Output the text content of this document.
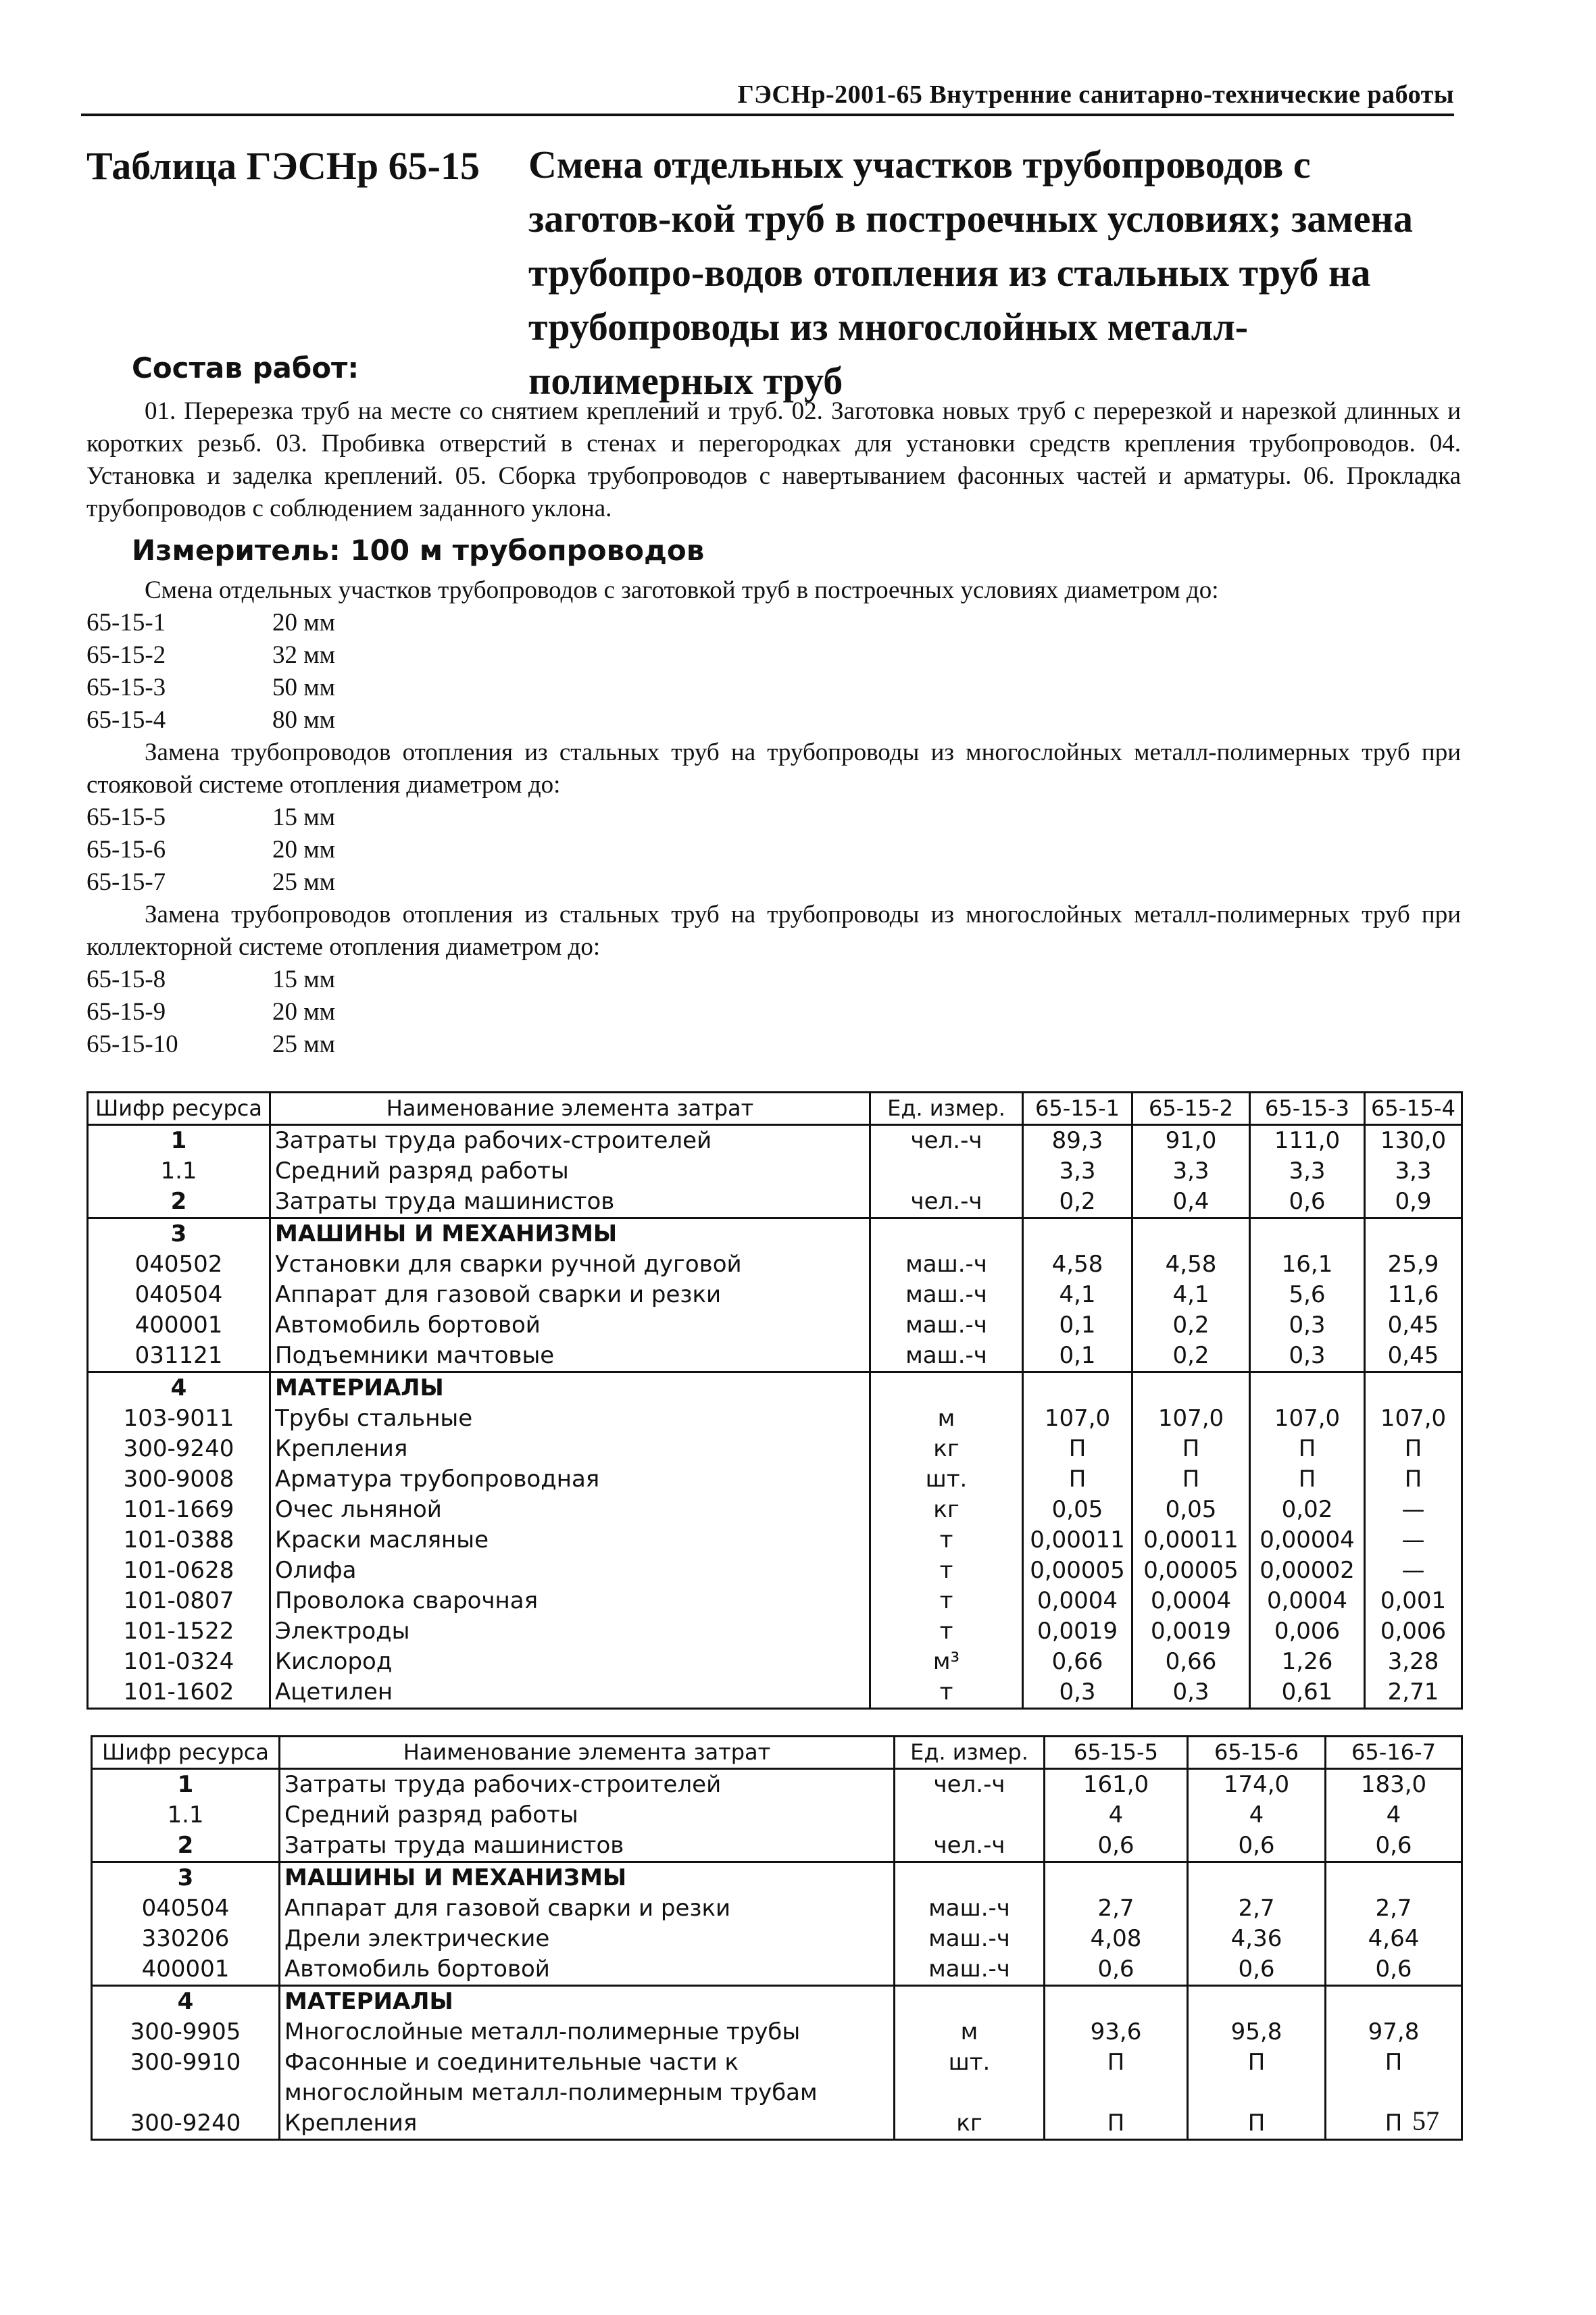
ГЭСНр-2001-65 Внутренние санитарно-технические работы
Таблица ГЭСНр 65-15 Смена отдельных участков трубопроводов с заготов-кой труб в построечных условиях; замена трубопро-водов отопления из стальных труб на трубопроводы из многослойных металл-полимерных труб
Состав работ:
01. Перерезка труб на месте со снятием креплений и труб. 02. Заготовка новых труб с перерезкой и нарезкой длинных и коротких резьб. 03. Пробивка отверстий в стенах и перегородках для установки средств крепления трубопроводов. 04. Установка и заделка креплений. 05. Сборка трубопроводов с навертыванием фасонных частей и арматуры. 06. Прокладка трубопроводов с соблюдением заданного уклона.
Измеритель: 100 м трубопроводов
Смена отдельных участков трубопроводов с заготовкой труб в построечных условиях диаметром до:
65-15-1	20 мм
65-15-2	32 мм
65-15-3	50 мм
65-15-4	80 мм
Замена трубопроводов отопления из стальных труб на трубопроводы из многослойных металл-полимерных труб при стояковой системе отопления диаметром до:
65-15-5	15 мм
65-15-6	20 мм
65-15-7	25 мм
Замена трубопроводов отопления из стальных труб на трубопроводы из многослойных металл-полимерных труб при коллекторной системе отопления диаметром до:
65-15-8	15 мм
65-15-9	20 мм
65-15-10	25 мм
Шифр ресурса	Наименование элемента затрат	Ед. измер.	65-15-1	65-15-2	65-15-3	65-15-4
1	Затраты труда рабочих-строителей	чел.-ч	89,3	91,0	111,0	130,0
1.1	Средний разряд работы		3,3	3,3	3,3	3,3
2	Затраты труда машинистов	чел.-ч	0,2	0,4	0,6	0,9
3	МАШИНЫ И МЕХАНИЗМЫ					
040502	Установки для сварки ручной дуговой	маш.-ч	4,58	4,58	16,1	25,9
040504	Аппарат для газовой сварки и резки	маш.-ч	4,1	4,1	5,6	11,6
400001	Автомобиль бортовой	маш.-ч	0,1	0,2	0,3	0,45
031121	Подъемники мачтовые	маш.-ч	0,1	0,2	0,3	0,45
4	МАТЕРИАЛЫ					
103-9011	Трубы стальные	м	107,0	107,0	107,0	107,0
300-9240	Крепления	кг	П	П	П	П
300-9008	Арматура трубопроводная	шт.	П	П	П	П
101-1669	Очес льняной	кг	0,05	0,05	0,02	—
101-0388	Краски масляные	т	0,00011	0,00011	0,00004	—
101-0628	Олифа	т	0,00005	0,00005	0,00002	—
101-0807	Проволока сварочная	т	0,0004	0,0004	0,0004	0,001
101-1522	Электроды	т	0,0019	0,0019	0,006	0,006
101-0324	Кислород	м³	0,66	0,66	1,26	3,28
101-1602	Ацетилен	т	0,3	0,3	0,61	2,71
Шифр ресурса	Наименование элемента затрат	Ед. измер.	65-15-5	65-15-6	65-16-7
1	Затраты труда рабочих-строителей	чел.-ч	161,0	174,0	183,0
1.1	Средний разряд работы		4	4	4
2	Затраты труда машинистов	чел.-ч	0,6	0,6	0,6
3	МАШИНЫ И МЕХАНИЗМЫ				
040504	Аппарат для газовой сварки и резки	маш.-ч	2,7	2,7	2,7
330206	Дрели электрические	маш.-ч	4,08	4,36	4,64
400001	Автомобиль бортовой	маш.-ч	0,6	0,6	0,6
4	МАТЕРИАЛЫ				
300-9905	Многослойные металл-полимерные трубы	м	93,6	95,8	97,8
300-9910	Фасонные и соединительные части к многослойным металл-полимерным трубам	шт.	П	П	П
300-9240	Крепления	кг	П	П	П 57
